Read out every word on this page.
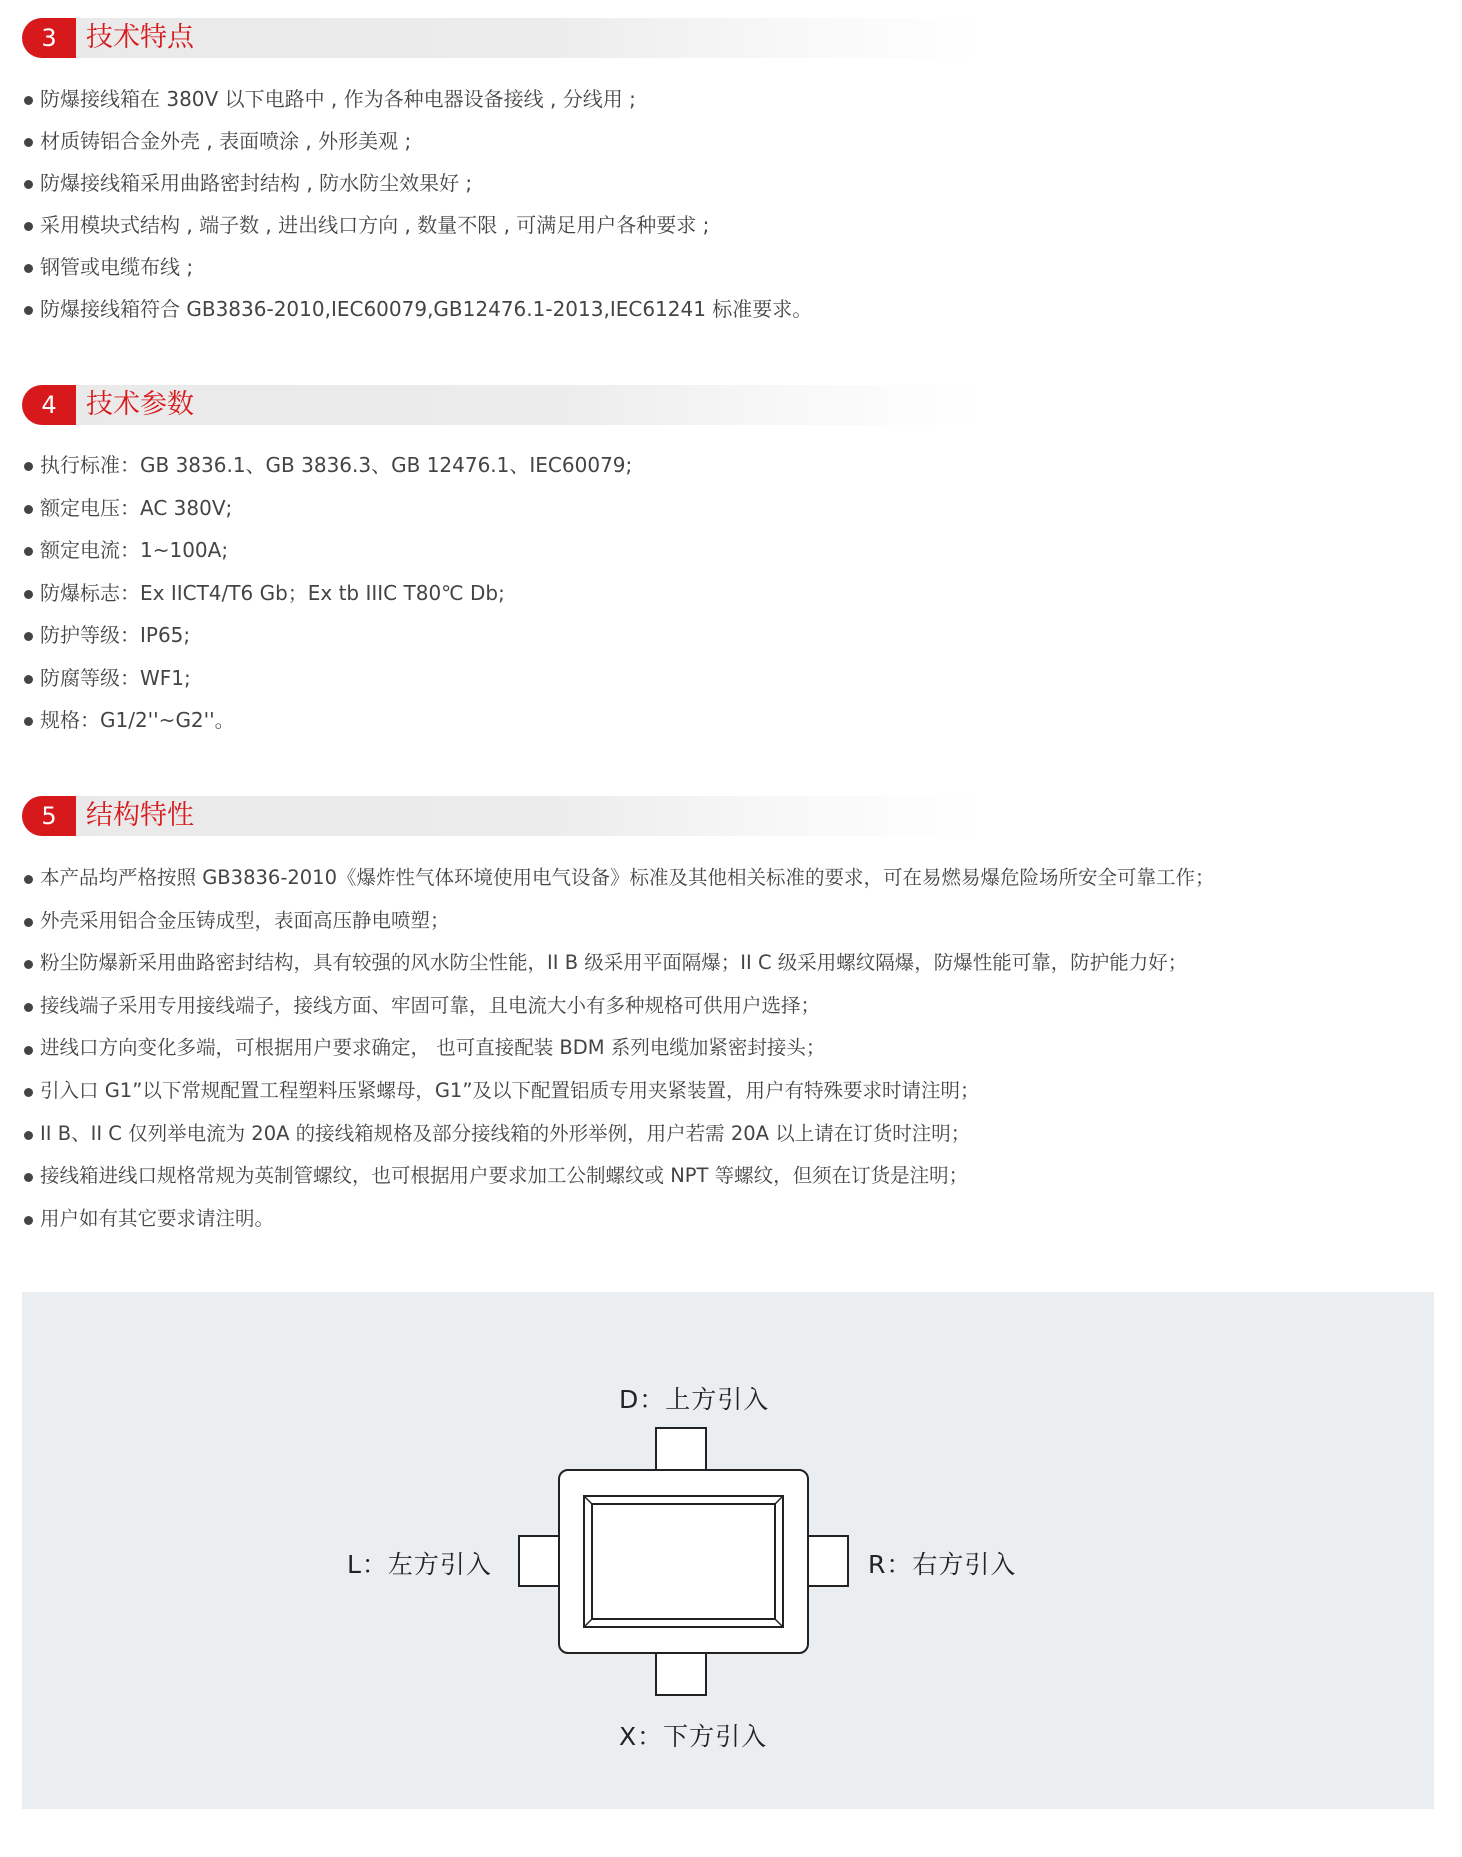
3	技术特点
防爆接线箱在 380V 以下电路中 , 作为各种电器设备接线 , 分线用 ;
材质铸铝合金外壳 , 表面喷涂 , 外形美观 ;
防爆接线箱采用曲路密封结构 , 防水防尘效果好 ;
采用模块式结构 , 端子数 , 进出线口方向 , 数量不限 , 可满足用户各种要求 ;
钢管或电缆布线 ;
防爆接线箱符合 GB3836-2010,IEC60079,GB12476.1-2013,IEC61241 标准要求。
4	技术参数
执行标准：GB 3836.1、GB 3836.3、GB 12476.1、IEC60079;
额定电压：AC 380V;
额定电流：1~100A;
防爆标志：Ex IICT4/T6 Gb；Ex tb IIIC T80℃ Db;
防护等级：IP65;
防腐等级：WF1;
规格：G1/2''~G2''。
5	结构特性
本产品均严格按照 GB3836-2010《爆炸性气体环境使用电气设备》标准及其他相关标准的要求，可在易燃易爆危险场所安全可靠工作；
外壳采用铝合金压铸成型，表面高压静电喷塑；
粉尘防爆新采用曲路密封结构，具有较强的风水防尘性能，II B 级采用平面隔爆；II C 级采用螺纹隔爆，防爆性能可靠，防护能力好；
接线端子采用专用接线端子，接线方面、牢固可靠，且电流大小有多种规格可供用户选择；
进线口方向变化多端，可根据用户要求确定， 也可直接配装 BDM 系列电缆加紧密封接头；
引入口 G1”以下常规配置工程塑料压紧螺母，G1”及以下配置铝质专用夹紧装置，用户有特殊要求时请注明；
II B、II C 仅列举电流为 20A 的接线箱规格及部分接线箱的外形举例，用户若需 20A 以上请在订货时注明；
接线箱进线口规格常规为英制管螺纹，也可根据用户要求加工公制螺纹或 NPT 等螺纹，但须在订货是注明；
用户如有其它要求请注明。
D：上方引入
L：左方引入	R：右方引入
X：下方引入
